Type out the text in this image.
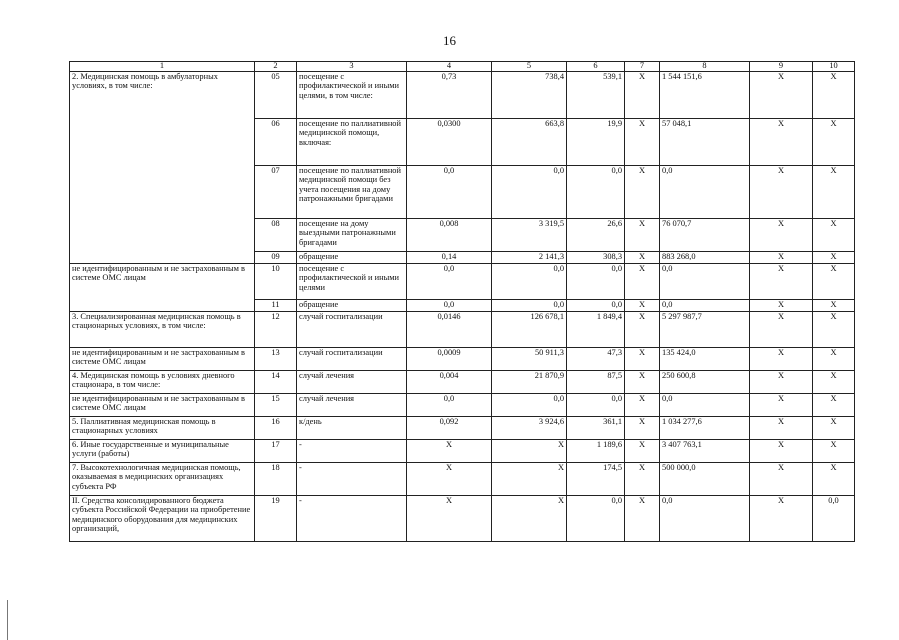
16
1	2	3	4	5	6	7	8	9	10
2. Медицинская помощь в амбулаторных условиях, в том числе:	05	посещение с профилактической и иными целями, в том числе:	0,73	738,4	539,1	Х	1 544 151,6	Х	Х
	06	посещение по паллиативной медицинской помощи, включая:	0,0300	663,8	19,9	Х	57 048,1	Х	Х
	07	посещение по паллиативной медицинской помощи без учета посещения на дому патронажными бригадами	0,0	0,0	0,0	Х	0,0	Х	Х
	08	посещение на дому выездными патронажными бригадами	0,008	3 319,5	26,6	Х	76 070,7	Х	Х
	09	обращение	0,14	2 141,3	308,3	Х	883 268,0	Х	Х
не идентифицированным и не застрахованным в системе ОМС лицам	10	посещение с профилактической и иными целями	0,0	0,0	0,0	Х	0,0	Х	Х
	11	обращение	0,0	0,0	0,0	Х	0,0	Х	Х
3. Специализированная медицинская помощь в стационарных условиях, в том числе:	12	случай госпитализации	0,0146	126 678,1	1 849,4	Х	5 297 987,7	Х	Х
не идентифицированным и не застрахованным в системе ОМС лицам	13	случай госпитализации	0,0009	50 911,3	47,3	Х	135 424,0	Х	Х
4. Медицинская помощь в условиях дневного стационара, в том числе:	14	случай лечения	0,004	21 870,9	87,5	Х	250 600,8	Х	Х
не идентифицированным и не застрахованным в системе ОМС лицам	15	случай лечения	0,0	0,0	0,0	Х	0,0	Х	Х
5. Паллиативная медицинская помощь в стационарных условиях	16	к/день	0,092	3 924,6	361,1	Х	1 034 277,6	Х	Х
6. Иные государственные и муниципальные услуги (работы)	17	-	Х	Х	1 189,6	Х	3 407 763,1	Х	Х
7. Высокотехнологичная медицинская помощь, оказываемая в медицинских организациях субъекта РФ	18	-	Х	Х	174,5	Х	500 000,0	Х	Х
II. Средства консолидированного бюджета субъекта Российской Федерации на приобретение медицинского оборудования для медицинских организаций,	19	-	Х	Х	0,0	Х	0,0	Х	0,0
